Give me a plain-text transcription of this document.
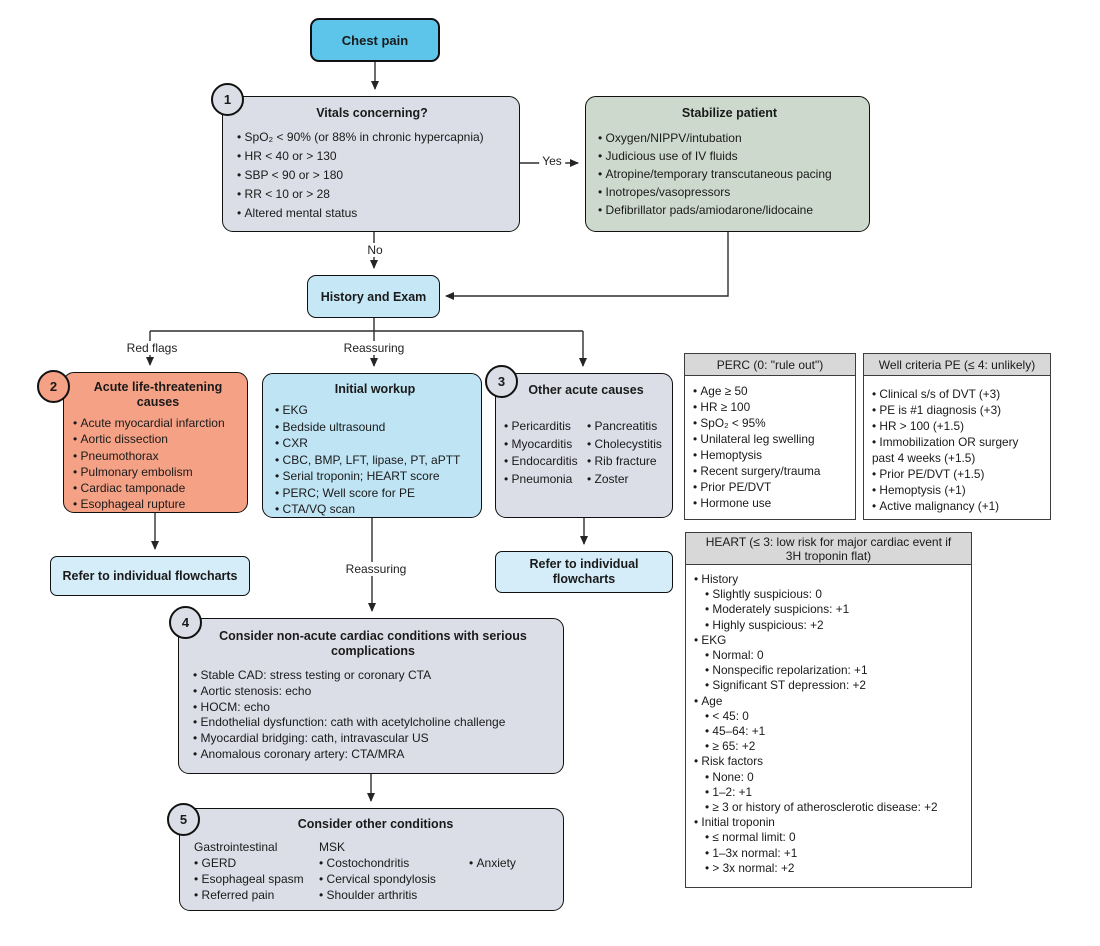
Yes
No
Red flags	Reassuring
Reassuring
1
2	3
4
5
Chest pain
Vitals concerning?
• SpO₂ < 90% (or 88% in chronic hypercapnia)
• HR < 40 or > 130
• SBP < 90 or > 180
• RR < 10 or > 28
• Altered mental status
Stabilize patient
• Oxygen/NIPPV/intubation
• Judicious use of IV fluids
• Atropine/temporary transcutaneous pacing
• Inotropes/vasopressors
• Defibrillator pads/amiodarone/lidocaine
History and Exam
Acute life-threatening causes
• Acute myocardial infarction
• Aortic dissection
• Pneumothorax
• Pulmonary embolism
• Cardiac tamponade
• Esophageal rupture
Initial workup
• EKG
• Bedside ultrasound
• CXR
• CBC, BMP, LFT, lipase, PT, aPTT
• Serial troponin; HEART score
• PERC; Well score for PE
• CTA/VQ scan
Other acute causes
• Pericarditis
• Myocarditis
• Endocarditis
• Pneumonia
• Pancreatitis
• Cholecystitis
• Rib fracture
• Zoster
Refer to individual flowcharts
Refer to individual flowcharts
Consider non-acute cardiac conditions with serious complications
• Stable CAD: stress testing or coronary CTA
• Aortic stenosis: echo
• HOCM: echo
• Endothelial dysfunction: cath with acetylcholine challenge
• Myocardial bridging: cath, intravascular US
• Anomalous coronary artery: CTA/MRA
Consider other conditions
Gastrointestinal
• GERD
• Esophageal spasm
• Referred pain
MSK
• Costochondritis
• Cervical spondylosis
• Shoulder arthritis

• Anxiety
PERC (0: "rule out")
• Age ≥ 50
• HR ≥ 100
• SpO₂ < 95%
• Unilateral leg swelling
• Hemoptysis
• Recent surgery/trauma
• Prior PE/DVT
• Hormone use
Well criteria PE (≤ 4: unlikely)
• Clinical s/s of DVT (+3)
• PE is #1 diagnosis (+3)
• HR > 100 (+1.5)
• Immobilization OR surgery past 4 weeks (+1.5)
• Prior PE/DVT (+1.5)
• Hemoptysis (+1)
• Active malignancy (+1)
HEART (≤ 3: low risk for major cardiac event if 3H troponin flat)
• History
• Slightly suspicious: 0
• Moderately suspicions: +1
• Highly suspicious: +2
• EKG
• Normal: 0
• Nonspecific repolarization: +1
• Significant ST depression: +2
• Age
• < 45: 0
• 45–64: +1
• ≥ 65: +2
• Risk factors
• None: 0
• 1–2: +1
• ≥ 3 or history of atherosclerotic disease: +2
• Initial troponin
• ≤ normal limit: 0
• 1–3x normal: +1
• > 3x normal: +2
